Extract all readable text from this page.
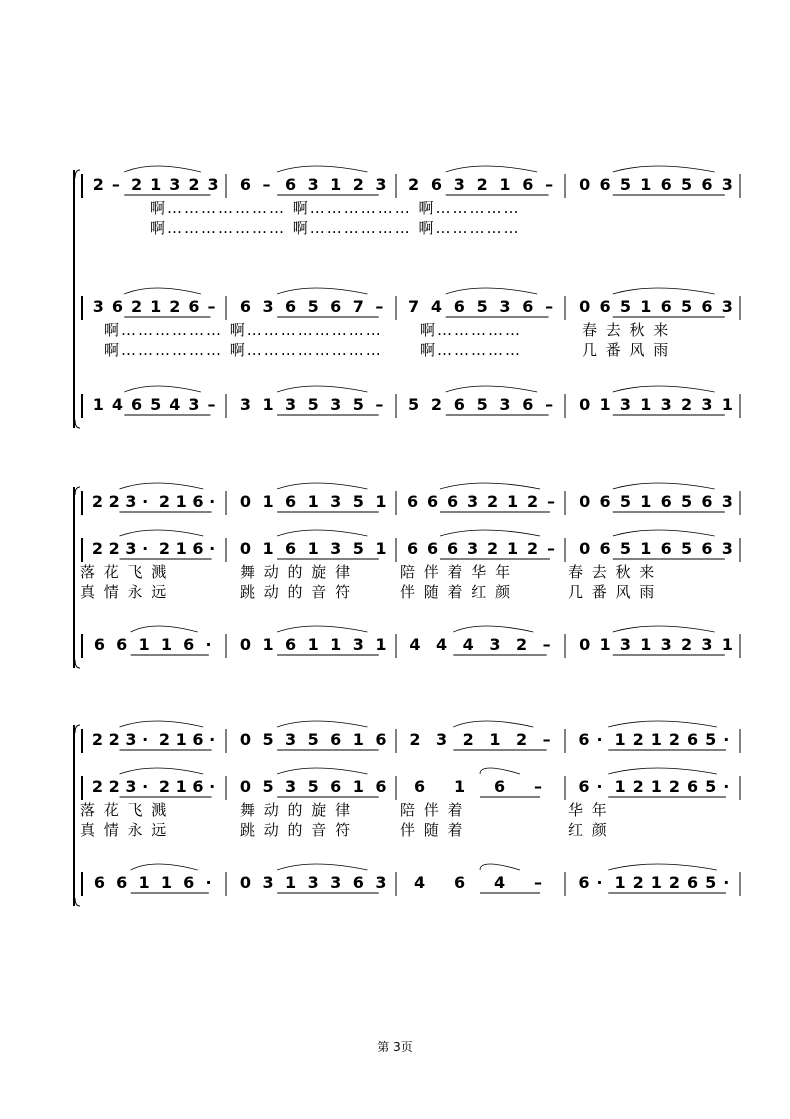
2 – 2 1 3 2 3 6 – 6 3 1 2 3 2 6 3 2 1 6 – 0 6 5 1 6 5 6 3
啊………………… 啊……………… 啊……………
啊………………… 啊……………… 啊……………
3 6 2 1 2 6 – 6 3 6 5 6 7 – 7 4 6 5 3 6 – 0 6 5 1 6 5 6 3
啊……………… 啊…………………… 啊……………	春 去 秋 来
啊……………… 啊…………………… 啊……………	几 番 风 雨
1 4 6 5 4 3 – 3 1 3 5 3 5 – 5 2 6 5 3 6 – 0 1 3 1 3 2 3 1
2 2 3 · 2 1 6 · 0 1 6 1 3 5 1 6 6 6 3 2 1 2 – 0 6 5 1 6 5 6 3
2 2 3 · 2 1 6 · 0 1 6 1 3 5 1 6 6 6 3 2 1 2 – 0 6 5 1 6 5 6 3
落 花 飞 溅	舞 动 的 旋 律	陪 伴 着 华 年	春 去 秋 来
真 情 永 远	跳 动 的 音 符	伴 随 着 红 颜	几 番 风 雨
6 6 1 1 6 · 0 1 6 1 1 3 1 4 4 4 3 2 – 0 1 3 1 3 2 3 1
2 2 3 · 2 1 6 · 0 5 3 5 6 1 6 2 3 2 1 2 – 6 · 1 2 1 2 6 5 ·
2 2 3 · 2 1 6 · 0 5 3 5 6 1 6 6 1 6 – 6 · 1 2 1 2 6 5 ·
落 花 飞 溅	舞 动 的 旋 律	陪 伴 着	华 年
真 情 永 远	跳 动 的 音 符	伴 随 着	红 颜
6 6 1 1 6 · 0 3 1 3 3 6 3 4 6 4 – 6 · 1 2 1 2 6 5 ·
第 3页
